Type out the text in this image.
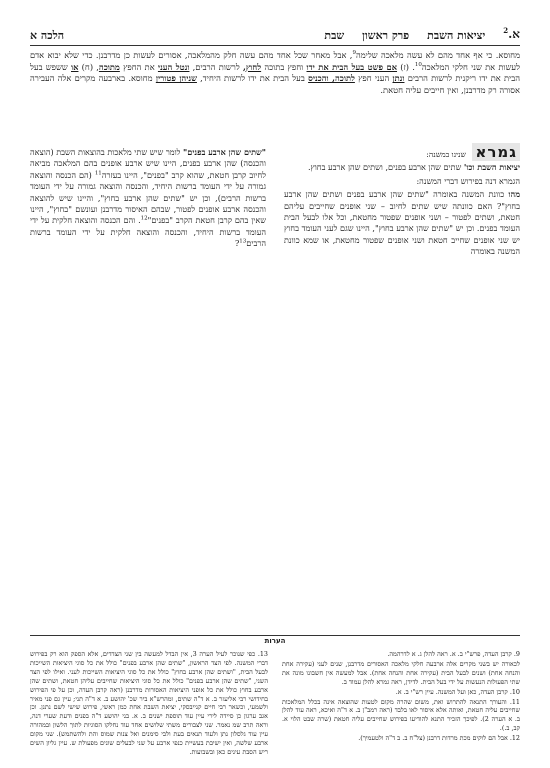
א.$^2$
יציאות השבת
פרק ראשון
שבת
הלכה א
מחוסא. כי אף אחד מהם לא עשה מלאכה שלימה$^9$, אבל מאחר שכל אחד מהם עשה חלק מהמלאכה, אסורים לעשות כן מדרבנן. כדי שלא יבוא אדם לעשות את שני חלקי המלאכה$^{10}$. (ז) אם פשט בעל הבית את ידו וחפץ בתוכה לחוץ, לרשות הרבים, ונטל העני את החפץ מתוכה, (ח) או ששפש בעל הבית את ידו ריקנית לרשות הרבים ונתן העני חפץ לתוכה, והכניס בעל הבית את ידו לרשות היחיד, שניהן פטורין מחוסא. בארבעה מקרים אלה העבירה אסורה רק מדרבנן, ואין חייבים עליה חטאת.

גמרא שנינו במשנה:

יציאות השבת וכו' שתים שהן ארבע בפנים, ושתים שהן ארבע בחוץ.

הגמרא דנה בפירוש דברי המשנה:

מהו כוונת המשנה באומרה "שתים שהן ארבע בפנים ושתים שהן ארבע בחוץ"? האם כוונתה שיש שתים לחיוב – שני אופנים שחייבים עליהם חטאת, ושתים לפטור – ושני אופנים שפטור מחטאת, וכל אלו לבעל הבית העומד בפנים. וכן יש "שתים שהן ארבע בחוץ", היינו שגם לעני העומד בחוץ יש שני אופנים שחייב חטאת ושני אופנים שפטור מחטאת, או שמא כוונת המשנה באומרה

"שתים שהן ארבע בפנים" לומר שיש שתי מלאכות בהוצאות השבת (הוצאה והכנסה) שהן ארבע בפנים, היינו שיש ארבע אופנים בהם המלאכה מביאה לחיוב קרבן חטאת, שהוא קרב "בפנים", היינו בעזרה$^{11}$ (הם הכנסה והוצאה גמורה על ידי העומד ברשות היחיד, והכנסה והוצאה גמורה על ידי העומד ברשות הרבים), וכן יש "שתים שהן ארבע בחוץ", והיינו שיש להוצאה והכנסה ארבע אופנים לפטור, שבהם האיסור מדרבנן ועונשם "בחוץ", היינו שאין בהם קרבן חטאת הקרב "בפנים"$^{12}$. והם הכנסה והוצאה חלקית על ידי העומד ברשות היחיד, והכנסה והוצאה חלקית על ידי העומד ברשות הרבים$^{13}$?

הערות

9. קרבן העדה, פרש"י ב. א. ראה להלן ג. א לדרהמה.

לכאורה יש בשני מקרים אלה ארבעה חלקי מלאכה האסורים מדרבנן, שנים לעני (עקירה אחת והנחה אחת) ושנים לבעל הבית (עקירה אחת והנחה אחת). אבל למעשה אין חשבונו מונה את שתי הפעולות הנעשות על ידי בעל הבית. לדידן, ראה גמרא להלן עמוד ב.

10. קרבן העדה, כאן ועל המשנה. עיין רש"י ב. א.

11. והעורך התנאה להתרוש ואת, משום שהרה מקום לטעות שהוצאה אינה בכלל המלאכות שחייבים עליה חטאת, ואותה אלא איסור לאו בלבד (ראה רמב"ן ב. א ד"ה ואיכא, ראה עוד להלן ב. א הערה 2). לפיכך הזכיר התנא להודיעו בפירוש שחייבים עליה חטאת (שרה שבט הלוי א. קב, ב.).

12. אבל הם לוקים מכת מרדות דרבנן (צל"ח ב. ב ד"ה ולטעמיך).

13. כפי שנוכר לעיל הערה 3, אין הבדל למעשה בין שני הצדדים, אלא הספק הוא רק בפירוש דברי המשנה. לפי הצד הראשון, "שתים שהן ארבע בפנים" כולל את כל סוגי היציאות השייכות לבעל הבית, "ושתים שהן ארבע בחוץ" כולל את כל סוגי היציאות השייכות לעני. ואילו לפי הצד השני, "שתים שהן ארבע בפנים" כולל את כל סוגי היציאות שחייבים עליהן חטאת, ושתים שהן ארבע בחוץ כולל את כל אופני היציאות האסורות מדרבנן (ראה קרבן העדה, וכן על פי הפירוש בחידושי רבי אליעזר ב. א ד"ה שתים, ומהרש"א ביר שכ' יהושע ב. א ד"ה תני; עיין גם פני מאיר ולשמעי, וכשאר רבי חיים קנייבסקי, יציאת השבת אחת כמן ראשי, פירוש שישי לשם נתנן. וכן אגב ערגון כן סיידה לירי עיין עוד תוספת ישנים ב. א. בני יהושע ד"ה בפנים ודעת שערי דנה, וראה תרב שמ נאמר. שני לצבורים משתי שלושים אחד עוד נחלקו הסוגיות לתוך הלשון ובמהורה עיין עוד גלסלון נתן ולעוד תנאים בעת ולבי סימנים ואל צנות שמוס והת ולהשתמש). שני מקום ארבע שלשה, ואין ישיבת בעשיית כנפי ארבע על שני לבעלים שונים מפעולת ש. עיין גליון השים ריש הסבת עינים כאן ובשבועות.
